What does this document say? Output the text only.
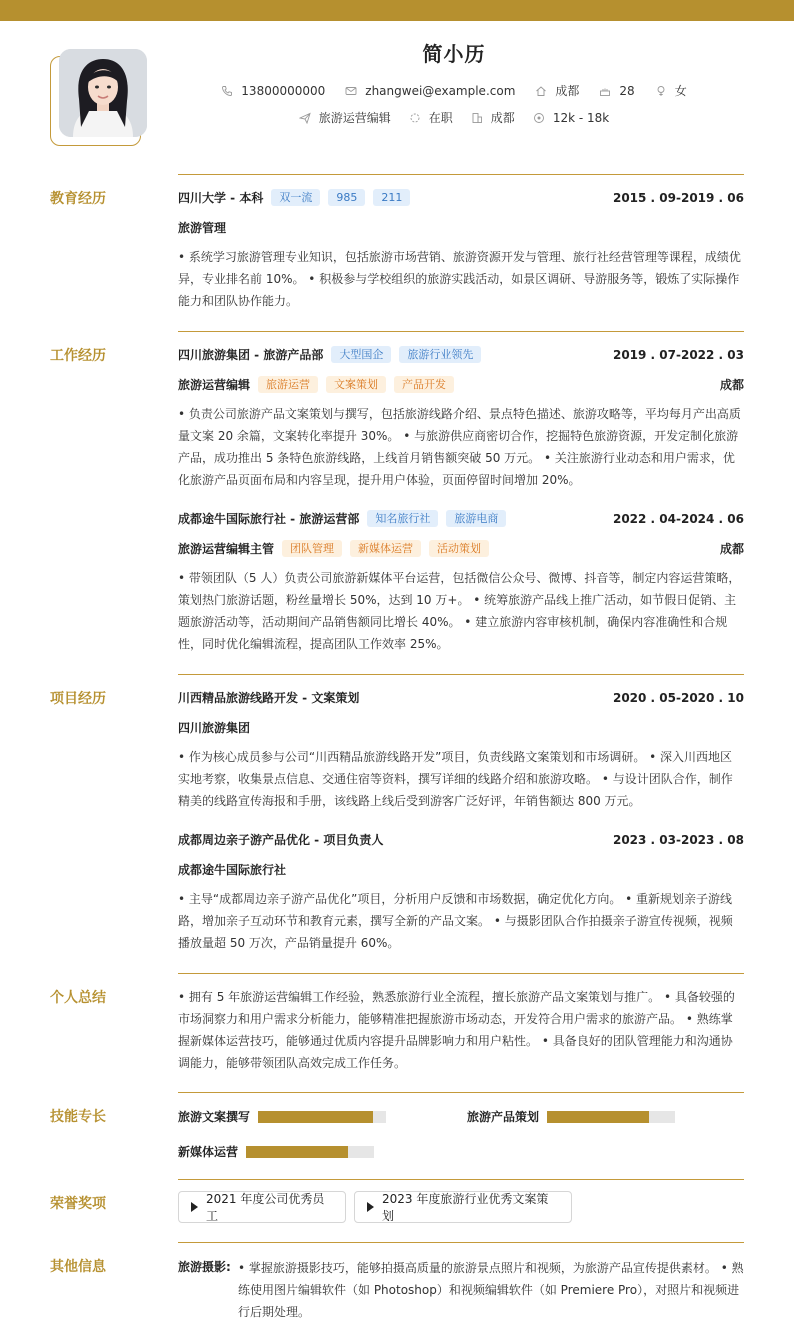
简小历
13800000000	zhangwei@example.com	成都	28	女
旅游运营编辑	在职	成都	12k - 18k
教育经历	四川大学 - 本科	双一流	985	211	2015 . 09-2019 . 06
旅游管理
• 系统学习旅游管理专业知识，包括旅游市场营销、旅游资源开发与管理、旅行社经营管理等课程，成绩优异，专业排名前 10%。 • 积极参与学校组织的旅游实践活动，如景区调研、导游服务等，锻炼了实际操作能力和团队协作能力。
工作经历	四川旅游集团 - 旅游产品部	大型国企	旅游行业领先	2019 . 07-2022 . 03
旅游运营编辑	旅游运营	文案策划	产品开发	成都
• 负责公司旅游产品文案策划与撰写，包括旅游线路介绍、景点特色描述、旅游攻略等，平均每月产出高质量文案 20 余篇，文案转化率提升 30%。 • 与旅游供应商密切合作，挖掘特色旅游资源，开发定制化旅游产品，成功推出 5 条特色旅游线路，上线首月销售额突破 50 万元。 • 关注旅游行业动态和用户需求，优化旅游产品页面布局和内容呈现，提升用户体验，页面停留时间增加 20%。
成都途牛国际旅行社 - 旅游运营部	知名旅行社	旅游电商	2022 . 04-2024 . 06
旅游运营编辑主管	团队管理	新媒体运营	活动策划	成都
• 带领团队（5 人）负责公司旅游新媒体平台运营，包括微信公众号、微博、抖音等，制定内容运营策略，策划热门旅游话题，粉丝量增长 50%，达到 10 万+。 • 统筹旅游产品线上推广活动，如节假日促销、主题旅游活动等，活动期间产品销售额同比增长 40%。 • 建立旅游内容审核机制，确保内容准确性和合规性，同时优化编辑流程，提高团队工作效率 25%。
项目经历	川西精品旅游线路开发 - 文案策划	2020 . 05-2020 . 10
四川旅游集团
• 作为核心成员参与公司“川西精品旅游线路开发”项目，负责线路文案策划和市场调研。 • 深入川西地区实地考察，收集景点信息、交通住宿等资料，撰写详细的线路介绍和旅游攻略。 • 与设计团队合作，制作精美的线路宣传海报和手册，该线路上线后受到游客广泛好评，年销售额达 800 万元。
成都周边亲子游产品优化 - 项目负责人	2023 . 03-2023 . 08
成都途牛国际旅行社
• 主导“成都周边亲子游产品优化”项目，分析用户反馈和市场数据，确定优化方向。 • 重新规划亲子游线路，增加亲子互动环节和教育元素，撰写全新的产品文案。 • 与摄影团队合作拍摄亲子游宣传视频，视频播放量超 50 万次，产品销量提升 60%。
个人总结	• 拥有 5 年旅游运营编辑工作经验，熟悉旅游行业全流程，擅长旅游产品文案策划与推广。 • 具备较强的市场洞察力和用户需求分析能力，能够精准把握旅游市场动态，开发符合用户需求的旅游产品。 • 熟练掌握新媒体运营技巧，能够通过优质内容提升品牌影响力和用户粘性。 • 具备良好的团队管理能力和沟通协调能力，能够带领团队高效完成工作任务。
技能专长	旅游文案撰写	旅游产品策划
新媒体运营
荣誉奖项	2021 年度公司优秀员工
2023 年度旅游行业优秀文案策划
其他信息	旅游摄影: • 掌握旅游摄影技巧，能够拍摄高质量的旅游景点照片和视频，为旅游产品宣传提供素材。 • 熟练使用图片编辑软件（如 Photoshop）和视频编辑软件（如 Premiere Pro），对照片和视频进行后期处理。
